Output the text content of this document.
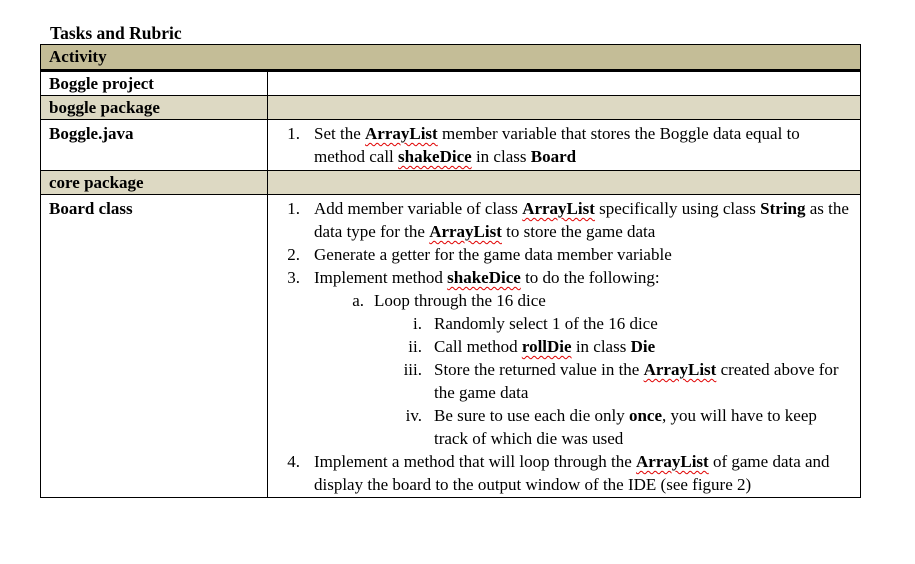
Tasks and Rubric
Activity	
Boggle project	
boggle package	
Boggle.java	1. Set the ArrayList member variable that stores the Boggle data equal to method call shakeDice in class Board

core package	
Board class	1. Add member variable of class ArrayList specifically using class String as the data type for the ArrayList to store the game data
2. Generate a getter for the game data member variable
3. Implement method shakeDice to do the following:
a. Loop through the 16 dice
i. Randomly select 1 of the 16 dice
ii. Call method rollDie in class Die
iii. Store the returned value in the ArrayList created above for the game data
iv. Be sure to use each die only once, you will have to keep track of which die was used
4. Implement a method that will loop through the ArrayList of game data and display the board to the output window of the IDE (see figure 2)
